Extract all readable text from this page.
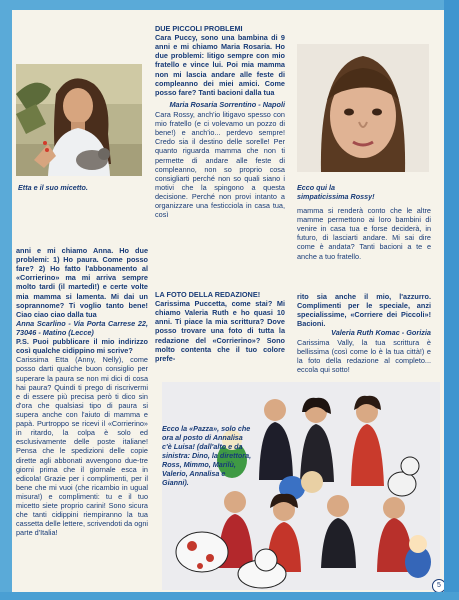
Etta e il suo micetto.

anni e mi chiamo Anna. Ho due problemi: 1) Ho paura. Come posso fare? 2) Ho fatto l'abbonamento al «Corrierino» ma mi arriva sempre molto tardi (il martedì!) e certe volte mia mamma si lamenta. Mi dai un soprannome? Ti voglio tanto bene! Ciao ciao ciao dalla tua

Anna Scarlino - Via Porta Carrese 22, 73046 - Matino (Lecce)

P.S. Puoi pubblicare il mio indirizzo così qualche cidippino mi scrive?

Carissima Etta (Anny, Nelly), come posso darti qualche buon consiglio per superare la paura se non mi dici di cosa hai paura? Quindi ti prego di riscrivermi e di essere più precisa però ti dico sin d'ora che qualsiasi tipo di paura si supera anche con l'aiuto di mamma e papà. Purtroppo se ricevi il «Corrierino» in ritardo, la colpa è solo ed esclusivamente delle poste italiane! Pensa che le spedizioni delle copie dirette agli abbonati avvengono due-tre giorni prima che il giornale esca in edicola! Grazie per i complimenti, per il bene che mi vuoi (che ricambio in ugual misura!) e complimenti: tu e il tuo micetto siete proprio carini! Sono sicura che tanti cidippini riempiranno la tua cassetta delle lettere, scrivendoti da ogni parte d'Italia!

DUE PICCOLI PROBLEMI

Cara Puccy, sono una bambina di 9 anni e mi chiamo Maria Rosaria. Ho due problemi: litigo sempre con mio fratello e vince lui. Poi mia mamma non mi lascia andare alle feste di compleanno dei miei amici. Come posso fare? Tanti bacioni dalla tua

Maria Rosaria Sorrentino - Napoli

Cara Rossy, anch'io litigavo spesso con mio fratello (e ci volevamo un pozzo di bene!) e anch'io... perdevo sempre! Credo sia il destino delle sorelle! Per quanto riguarda mamma che non ti permette di andare alle feste di compleanno, non so proprio cosa consigliarti perché non so quali siano i motivi che la spingono a questa decisione. Perché non provi intanto a organizzare una festicciola in casa tua, così

Ecco qui la simpaticissima Rossy!

mamma si renderà conto che le altre mamme permettono ai loro bambini di venire in casa tua e forse deciderà, in futuro, di lasciarti andare. Mi sai dire come è andata? Tanti bacioni a te e anche a tuo fratello.

LA FOTO DELLA REDAZIONE!

Carissima Puccetta, come stai? Mi chiamo Valeria Ruth e ho quasi 10 anni. Ti piace la mia scrittura? Dove posso trovare una foto di tutta la redazione del «Corrierino»? Sono molto contenta che il tuo colore prefe-

rito sia anche il mio, l'azzurro. Complimenti per le speciale, anzi specialissime, «Corriere dei Piccoli»! Bacioni.

Valeria Ruth Komac - Gorizia

Carissima Vally, la tua scrittura è bellissima (così come lo è la tua città!) e la foto della redazione al completo... eccola qui sotto!

Ecco la «Pazza», solo che ora al posto di Annalisa c'è Luisa! (dall'alto e da sinistra: Dino, la direttora, Ross, Mimmo, Marilù, Valerio, Annalisa e Gianni).
5
